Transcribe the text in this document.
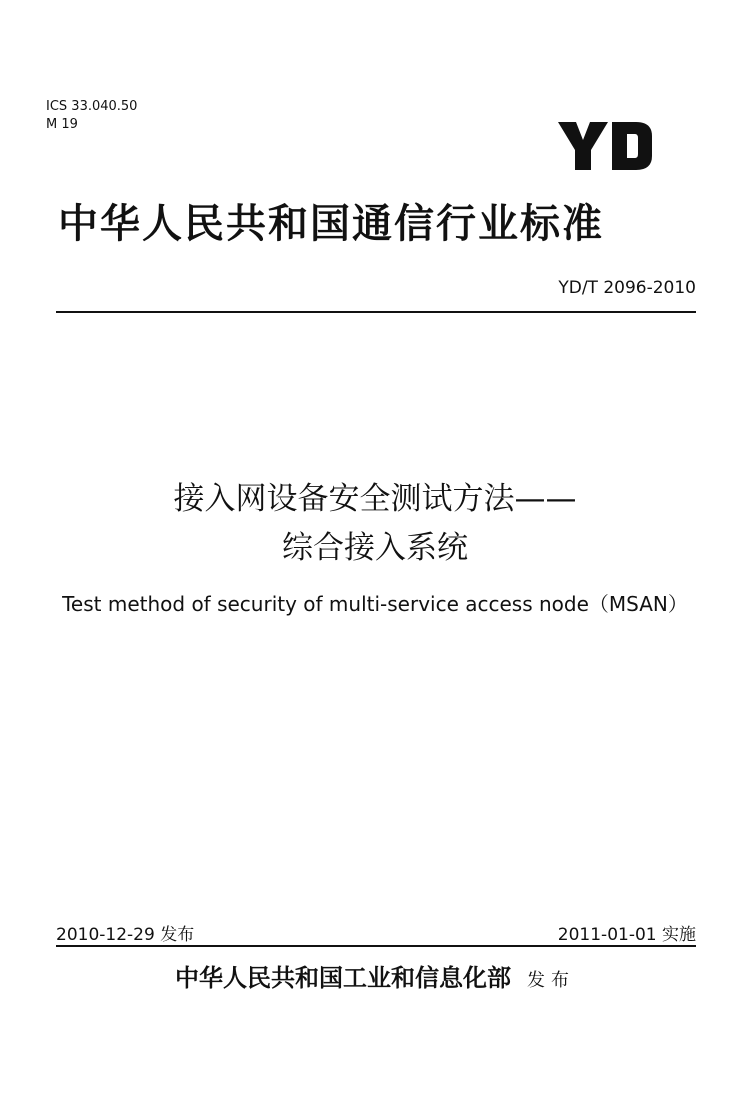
ICS 33.040.50
M 19
中华人民共和国通信行业标准
YD/T 2096-2010
接入网设备安全测试方法——
综合接入系统
Test method of security of multi-service access node（MSAN）
2010-12-29 发布	2011-01-01 实施
中华人民共和国工业和信息化部 发布
